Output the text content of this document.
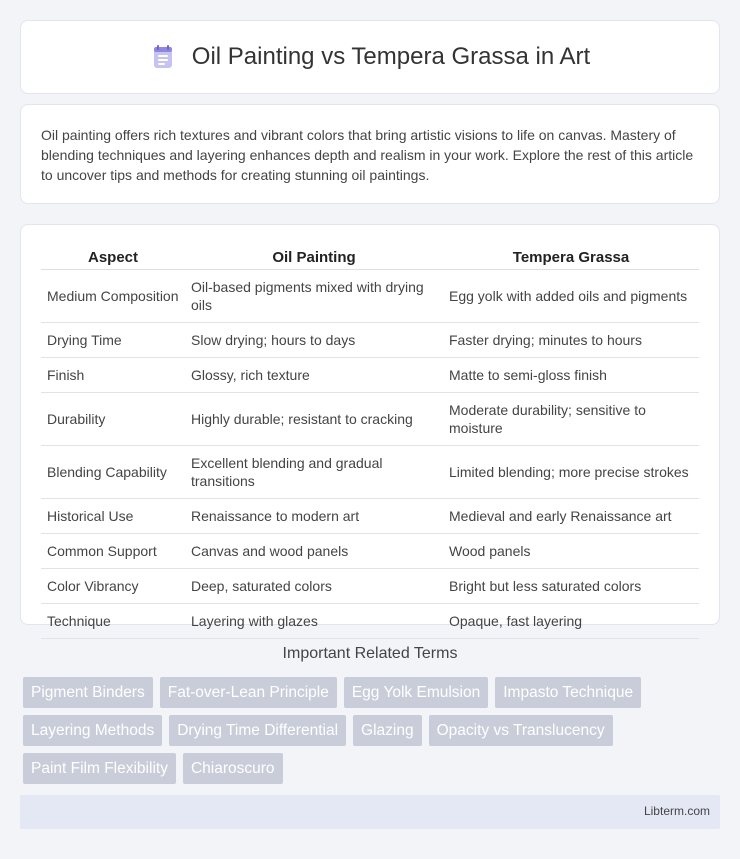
Oil Painting vs Tempera Grassa in Art

Oil painting offers rich textures and vibrant colors that bring artistic visions to life on canvas. Mastery of blending techniques and layering enhances depth and realism in your work. Explore the rest of this article to uncover tips and methods for creating stunning oil paintings.

Aspect	Oil Painting	Tempera Grassa
Medium Composition	Oil-based pigments mixed with drying oils	Egg yolk with added oils and pigments
Drying Time	Slow drying; hours to days	Faster drying; minutes to hours
Finish	Glossy, rich texture	Matte to semi-gloss finish
Durability	Highly durable; resistant to cracking	Moderate durability; sensitive to moisture
Blending Capability	Excellent blending and gradual transitions	Limited blending; more precise strokes
Historical Use	Renaissance to modern art	Medieval and early Renaissance art
Common Support	Canvas and wood panels	Wood panels
Color Vibrancy	Deep, saturated colors	Bright but less saturated colors
Technique	Layering with glazes	Opaque, fast layering
Important Related Terms
Pigment Binders	Fat-over-Lean Principle	Egg Yolk Emulsion	Impasto Technique
Layering Methods	Drying Time Differential	Glazing	Opacity vs Translucency
Paint Film Flexibility	Chiaroscuro
Libterm.com
